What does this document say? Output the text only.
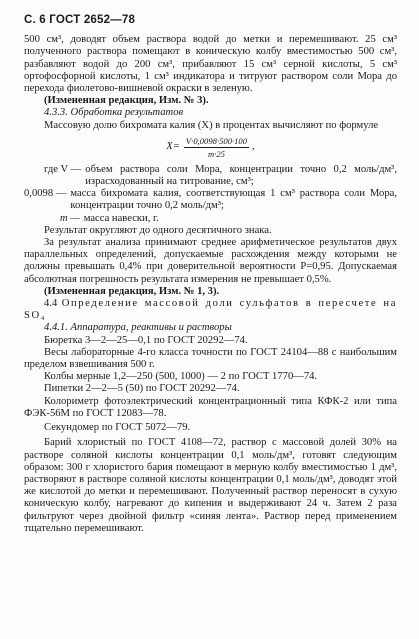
С. 6 ГОСТ 2652—78

500 см³, доводят объем раствора водой до метки и перемешивают. 25 см³ полученного раствора помещают в коническую колбу вместимостью 500 см³, разбавляют водой до 200 см³, прибавляют 15 см³ серной кислоты, 5 см³ ортофосфорной кислоты, 1 см³ индикатора и титруют раствором соли Мора до перехода фиолетово-вишневой окраски в зеленую.

(Измененная редакция, Изм. № 3).

4.3.3. Обработка результатов

Массовую долю бихромата калия (X) в процентах вычисляют по формуле

$X= \frac{V\cdot 0,0098\cdot 500\cdot 100}{m\cdot 25}$ ,
где V — объем раствора соли Мора, концентрации точно 0,2 моль/дм³, израсходованный на титрование, см³;
0,0098 — масса бихромата калия, соответствующая 1 см³ раствора соли Мора, концентрации точно 0,2 моль/дм³;
m — масса навески, г.

Результат округляют до одного десятичного знака.

За результат анализа принимают среднее арифметическое результатов двух параллельных определений, допускаемые расхождения между которыми не должны превышать 0,4% при доверительной вероятности P=0,95. Допускаемая абсолютная погрешность результата измерения не превышает 0,5%.

(Измененная редакция, Изм. № 1, 3).

4.4 Определение массовой доли сульфатов в пересчете на SO₄

4.4.1. Аппаратура, реактивы и растворы

Бюретка 3—2—25—0,1 по ГОСТ 20292—74.

Весы лабораторные 4-го класса точности по ГОСТ 24104—88 с наибольшим пределом взвешивания 500 г.

Колбы мерные 1,2—250 (500, 1000) — 2 по ГОСТ 1770—74.

Пипетки 2—2—5 (50) по ГОСТ 20292—74.

Колориметр фотоэлектрический концентрационный типа КФК-2 или типа ФЭК-56М по ГОСТ 12083—78.

Секундомер по ГОСТ 5072—79.

Барий хлористый по ГОСТ 4108—72, раствор с массовой долей 30% на растворе соляной кислоты концентрации 0,1 моль/дм³, готовят следующим образом: 300 г хлористого бария помещают в мерную колбу вместимостью 1 дм³, растворяют в растворе соляной кислоты концентрации 0,1 моль/дм³, доводят этой же кислотой до метки и перемешивают. Полученный раствор переносят в сухую коническую колбу, нагревают до кипения и выдерживают 24 ч. Затем 2 раза фильтруют через двойной фильтр «синяя лента». Раствор перед применением тщательно перемешивают.
